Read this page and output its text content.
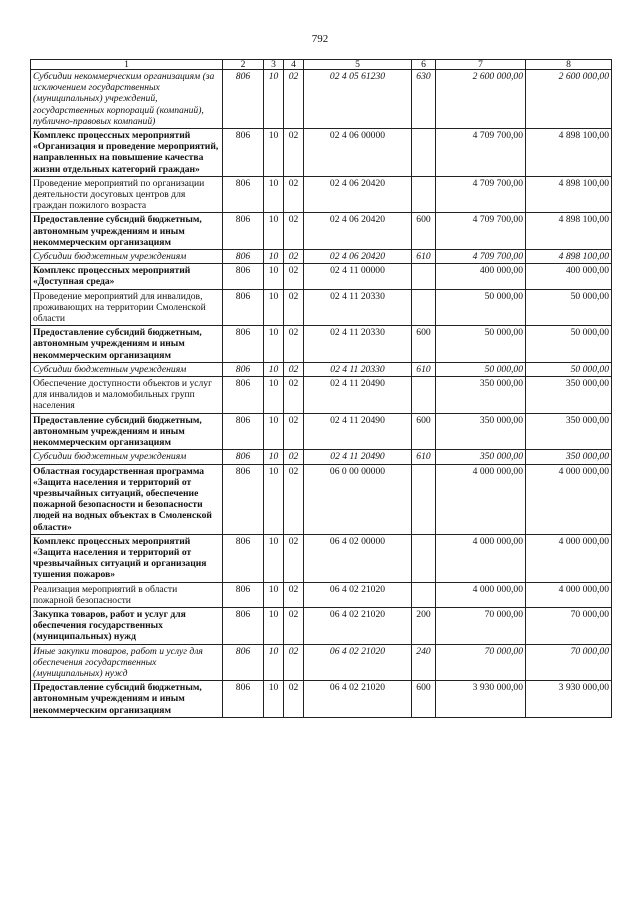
792
1	2	3	4	5	6	7	8
Субсидии некоммерческим организациям (за исключением государственных (муниципальных) учреждений, государственных корпораций (компаний), публично-правовых компаний)	806	10	02	02 4 05 61230	630	2 600 000,00	2 600 000,00
Комплекс процессных мероприятий «Организация и проведение мероприятий, направленных на повышение качества жизни отдельных категорий граждан»	806	10	02	02 4 06 00000		4 709 700,00	4 898 100,00
Проведение мероприятий по организации деятельности досуговых центров для граждан пожилого возраста	806	10	02	02 4 06 20420		4 709 700,00	4 898 100,00
Предоставление субсидий бюджетным, автономным учреждениям и иным некоммерческим организациям	806	10	02	02 4 06 20420	600	4 709 700,00	4 898 100,00
Субсидии бюджетным учреждениям	806	10	02	02 4 06 20420	610	4 709 700,00	4 898 100,00
Комплекс процессных мероприятий «Доступная среда»	806	10	02	02 4 11 00000		400 000,00	400 000,00
Проведение мероприятий для инвалидов, проживающих на территории Смоленской области	806	10	02	02 4 11 20330		50 000,00	50 000,00
Предоставление субсидий бюджетным, автономным учреждениям и иным некоммерческим организациям	806	10	02	02 4 11 20330	600	50 000,00	50 000,00
Субсидии бюджетным учреждениям	806	10	02	02 4 11 20330	610	50 000,00	50 000,00
Обеспечение доступности объектов и услуг для инвалидов и маломобильных групп населения	806	10	02	02 4 11 20490		350 000,00	350 000,00
Предоставление субсидий бюджетным, автономным учреждениям и иным некоммерческим организациям	806	10	02	02 4 11 20490	600	350 000,00	350 000,00
Субсидии бюджетным учреждениям	806	10	02	02 4 11 20490	610	350 000,00	350 000,00
Областная государственная программа «Защита населения и территорий от чрезвычайных ситуаций, обеспечение пожарной безопасности и безопасности людей на водных объектах в Смоленской области»	806	10	02	06 0 00 00000		4 000 000,00	4 000 000,00
Комплекс процессных мероприятий «Защита населения и территорий от чрезвычайных ситуаций и организация тушения пожаров»	806	10	02	06 4 02 00000		4 000 000,00	4 000 000,00
Реализация мероприятий в области пожарной безопасности	806	10	02	06 4 02 21020		4 000 000,00	4 000 000,00
Закупка товаров, работ и услуг для обеспечения государственных (муниципальных) нужд	806	10	02	06 4 02 21020	200	70 000,00	70 000,00
Иные закупки товаров, работ и услуг для обеспечения государственных (муниципальных) нужд	806	10	02	06 4 02 21020	240	70 000,00	70 000,00
Предоставление субсидий бюджетным, автономным учреждениям и иным некоммерческим организациям	806	10	02	06 4 02 21020	600	3 930 000,00	3 930 000,00
